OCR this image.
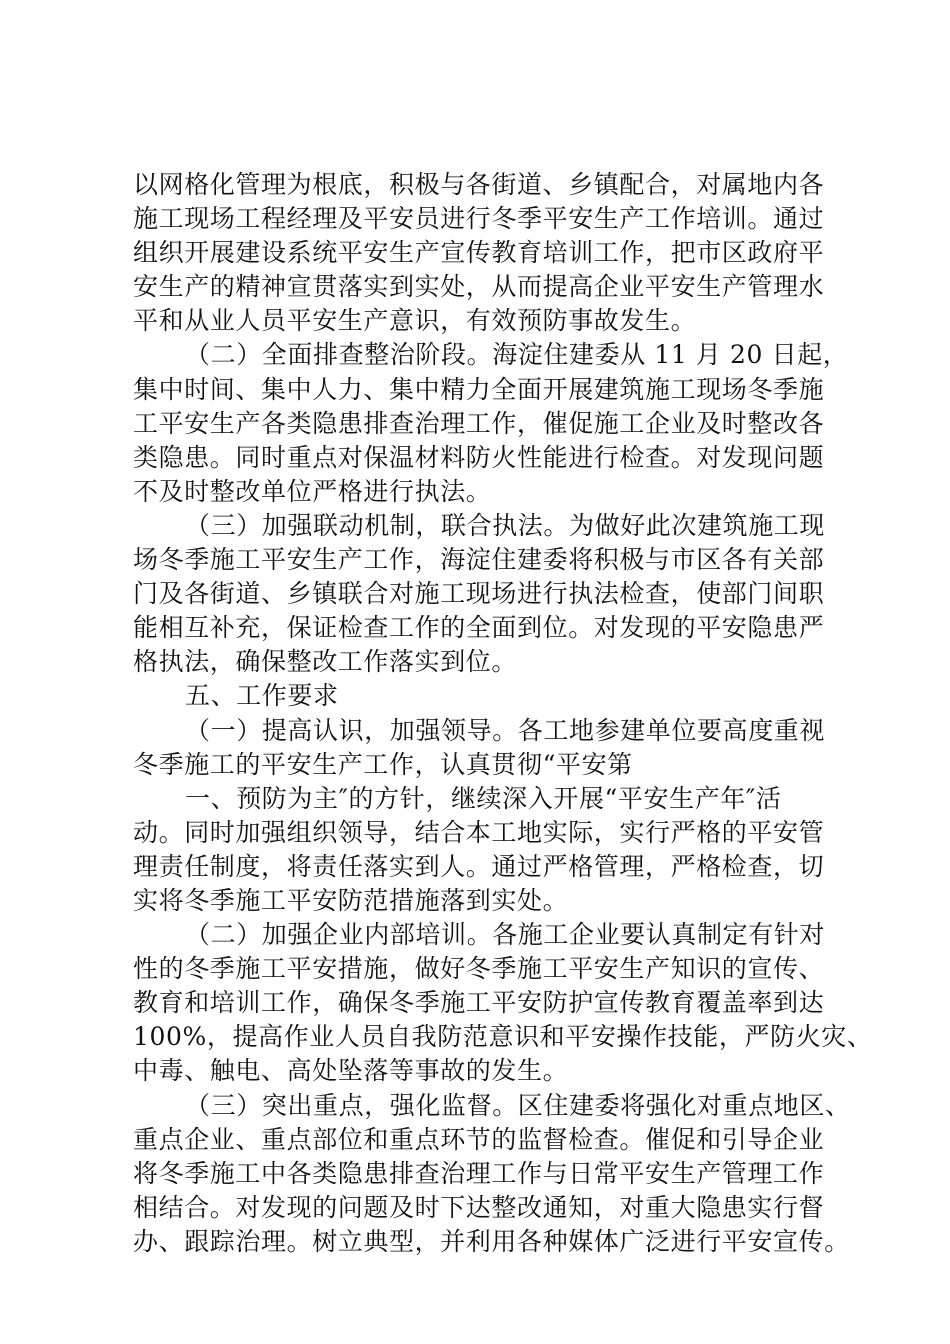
以网格化管理为根底，积极与各街道、乡镇配合，对属地内各
施工现场工程经理及平安员进行冬季平安生产工作培训。通过
组织开展建设系统平安生产宣传教育培训工作，把市区政府平
安生产的精神宣贯落实到实处，从而提高企业平安生产管理水
平和从业人员平安生产意识，有效预防事故发生。
（二）全面排查整治阶段。海淀住建委从 11 月 20 日起，
集中时间、集中人力、集中精力全面开展建筑施工现场冬季施
工平安生产各类隐患排查治理工作，催促施工企业及时整改各
类隐患。同时重点对保温材料防火性能进行检查。对发现问题
不及时整改单位严格进行执法。
（三）加强联动机制，联合执法。为做好此次建筑施工现
场冬季施工平安生产工作，海淀住建委将积极与市区各有关部
门及各街道、乡镇联合对施工现场进行执法检查，使部门间职
能相互补充，保证检查工作的全面到位。对发现的平安隐患严
格执法，确保整改工作落实到位。
五、工作要求
（一）提高认识，加强领导。各工地参建单位要高度重视
冬季施工的平安生产工作，认真贯彻“平安第
一、预防为主″的方针，继续深入开展“平安生产年″活
动。同时加强组织领导，结合本工地实际，实行严格的平安管
理责任制度，将责任落实到人。通过严格管理，严格检查，切
实将冬季施工平安防范措施落到实处。
（二）加强企业内部培训。各施工企业要认真制定有针对
性的冬季施工平安措施，做好冬季施工平安生产知识的宣传、
教育和培训工作，确保冬季施工平安防护宣传教育覆盖率到达
100%，提高作业人员自我防范意识和平安操作技能，严防火灾、
中毒、触电、高处坠落等事故的发生。
（三）突出重点，强化监督。区住建委将强化对重点地区、
重点企业、重点部位和重点环节的监督检查。催促和引导企业
将冬季施工中各类隐患排查治理工作与日常平安生产管理工作
相结合。对发现的问题及时下达整改通知，对重大隐患实行督
办、跟踪治理。树立典型，并利用各种媒体广泛进行平安宣传。
